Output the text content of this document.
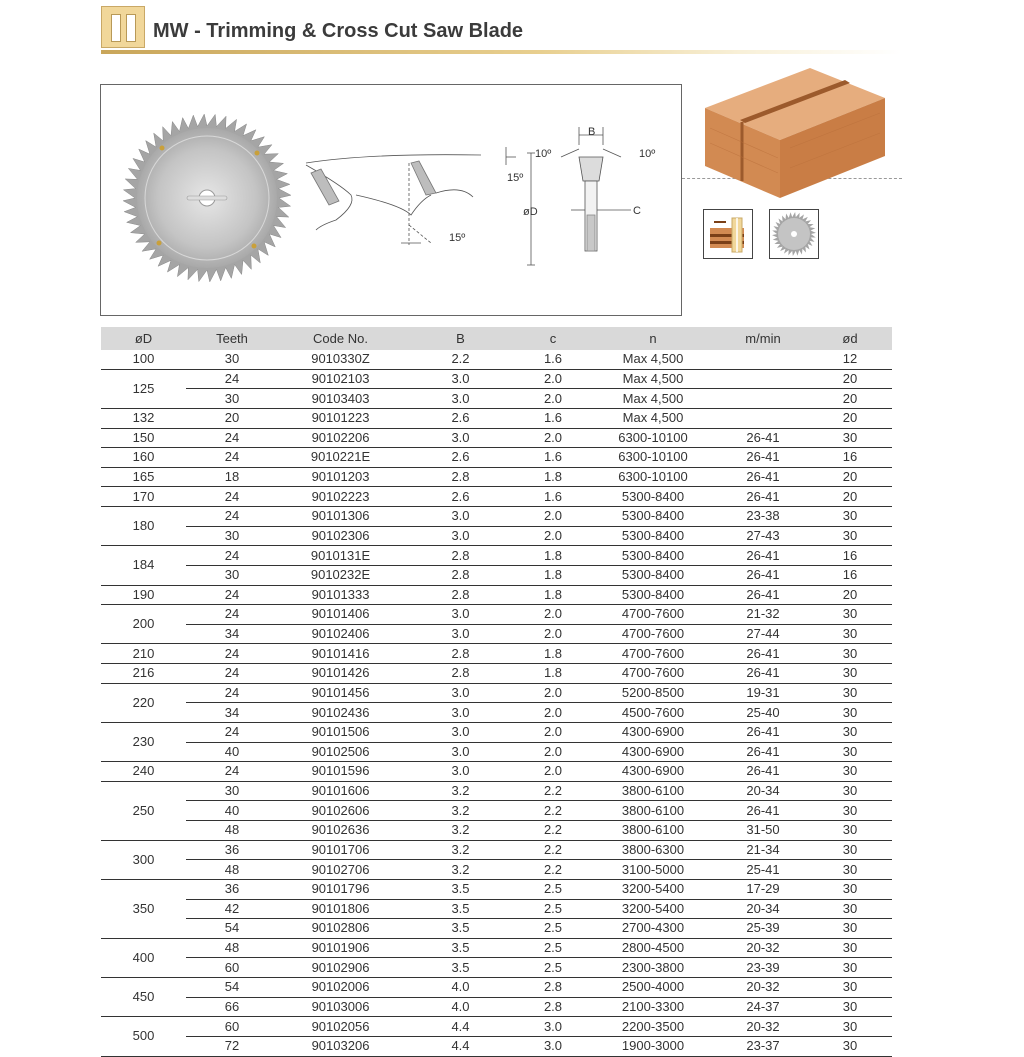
MW - Trimming & Cross Cut Saw Blade
15º
15º
øD
B
C
10º	10º
øD	Teeth	Code No.	B	c	n	m/min	ød
100	30	9010330Z	2.2	1.6	Max 4,500		12
125	24	90102103	3.0	2.0	Max 4,500		20
	30	90103403	3.0	2.0	Max 4,500		20
132	20	90101223	2.6	1.6	Max 4,500		20
150	24	90102206	3.0	2.0	6300-10100	26-41	30
160	24	9010221E	2.6	1.6	6300-10100	26-41	16
165	18	90101203	2.8	1.8	6300-10100	26-41	20
170	24	90102223	2.6	1.6	5300-8400	26-41	20
180	24	90101306	3.0	2.0	5300-8400	23-38	30
	30	90102306	3.0	2.0	5300-8400	27-43	30
184	24	9010131E	2.8	1.8	5300-8400	26-41	16
	30	9010232E	2.8	1.8	5300-8400	26-41	16
190	24	90101333	2.8	1.8	5300-8400	26-41	20
200	24	90101406	3.0	2.0	4700-7600	21-32	30
	34	90102406	3.0	2.0	4700-7600	27-44	30
210	24	90101416	2.8	1.8	4700-7600	26-41	30
216	24	90101426	2.8	1.8	4700-7600	26-41	30
220	24	90101456	3.0	2.0	5200-8500	19-31	30
	34	90102436	3.0	2.0	4500-7600	25-40	30
230	24	90101506	3.0	2.0	4300-6900	26-41	30
	40	90102506	3.0	2.0	4300-6900	26-41	30
240	24	90101596	3.0	2.0	4300-6900	26-41	30
250	30	90101606	3.2	2.2	3800-6100	20-34	30
	40	90102606	3.2	2.2	3800-6100	26-41	30
	48	90102636	3.2	2.2	3800-6100	31-50	30
300	36	90101706	3.2	2.2	3800-6300	21-34	30
	48	90102706	3.2	2.2	3100-5000	25-41	30
350	36	90101796	3.5	2.5	3200-5400	17-29	30
	42	90101806	3.5	2.5	3200-5400	20-34	30
	54	90102806	3.5	2.5	2700-4300	25-39	30
400	48	90101906	3.5	2.5	2800-4500	20-32	30
	60	90102906	3.5	2.5	2300-3800	23-39	30
450	54	90102006	4.0	2.8	2500-4000	20-32	30
	66	90103006	4.0	2.8	2100-3300	24-37	30
500	60	90102056	4.4	3.0	2200-3500	20-32	30
	72	90103206	4.4	3.0	1900-3000	23-37	30
